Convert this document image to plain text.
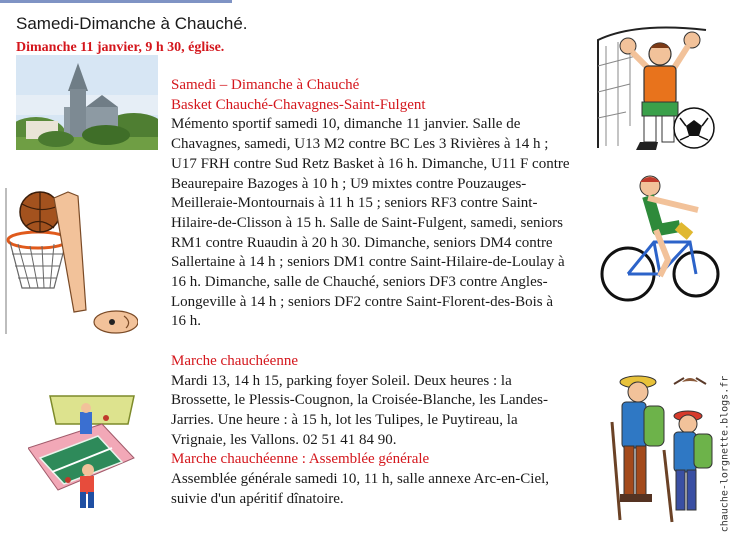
Samedi-Dimanche à Chauché.
Dimanche 11 janvier, 9 h 30, église.

Samedi – Dimanche à Chauché

Basket Chauché-Chavagnes-Saint-Fulgent

Mémento sportif samedi 10, dimanche 11 janvier. Salle de Chavagnes, samedi, U13 M2 contre BC Les 3 Rivières à 14 h ; U17 FRH contre Sud Retz Basket à 16 h. Dimanche, U11 F contre Beaurepaire Bazoges à 10 h ; U9 mixtes contre Pouzauges-Meilleraie-Montournais à 11 h 15 ; seniors RF3 contre Saint-Hilaire-de-Clisson à 15 h. Salle de Saint-Fulgent, samedi, seniors RM1 contre Ruaudin à 20 h 30. Dimanche, seniors DM4 contre Sallertaine à 14 h ; seniors DM1 contre Saint-Hilaire-de-Loulay à 16 h. Dimanche, salle de Chauché, seniors DF3 contre Angles-Longeville à 14 h ; seniors DF2 contre Saint-Florent-des-Bois à 16 h.

Marche chauchéenne

Mardi 13, 14 h 15, parking foyer Soleil. Deux heures : la Brossette, le Plessis-Cougnon, la Croisée-Blanche, les Landes-Jarries. Une heure : à 15 h, lot les Tulipes, le Puytireau, la Vrignaie, les Vallons. 02 51 41 84 90.

Marche chauchéenne : Assemblée générale

Assemblée générale samedi 10, 11 h, salle annexe Arc-en-Ciel, suivie d'un apéritif dînatoire.	chauche-lorgnette.blogs.fr
